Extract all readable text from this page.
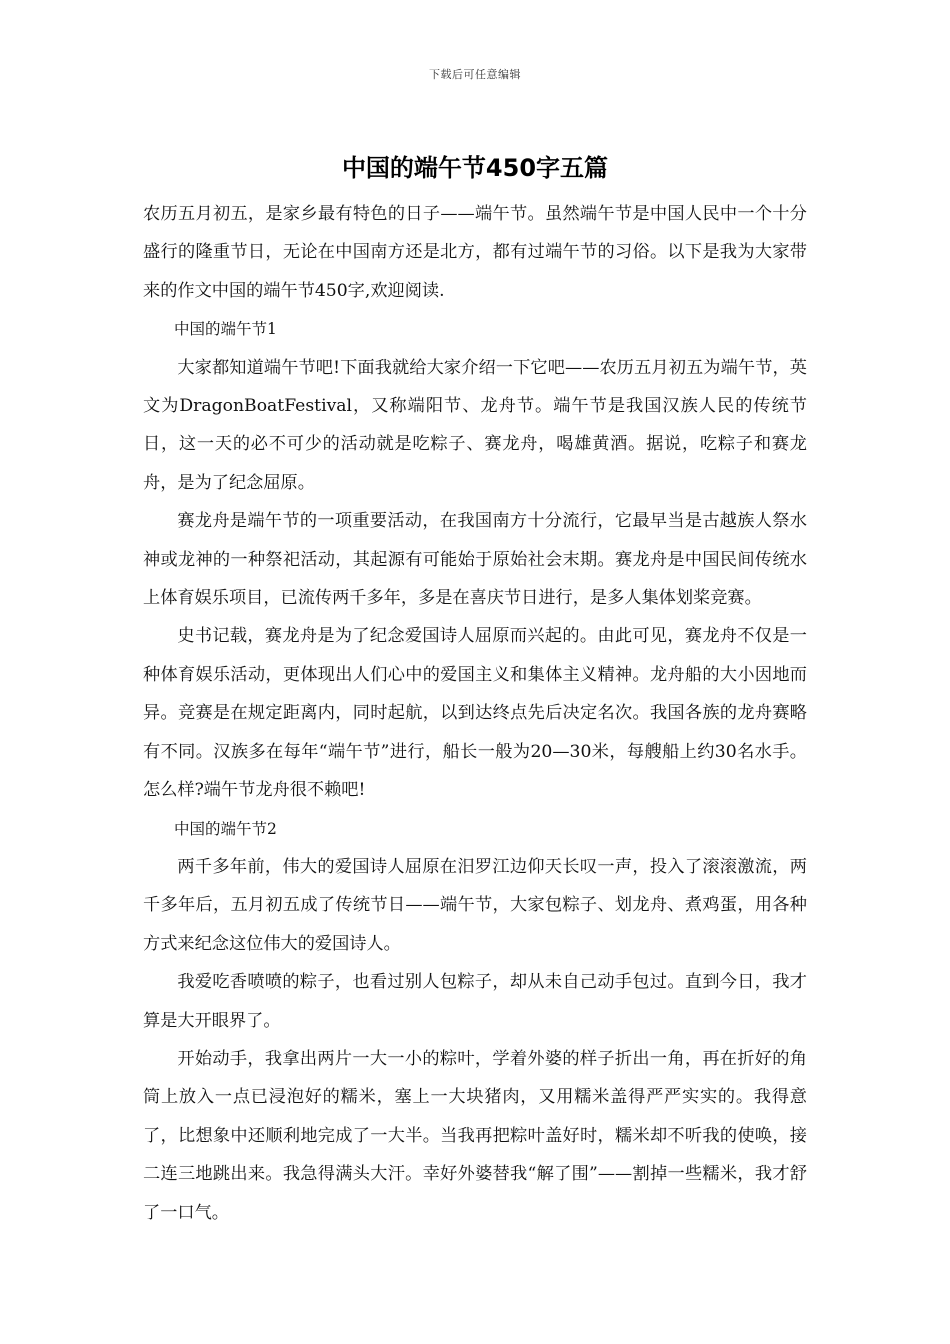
下载后可任意编辑
中国的端午节450字五篇

农历五月初五，是家乡最有特色的日子——端午节。虽然端午节是中国人民中一个十分盛行的隆重节日，无论在中国南方还是北方，都有过端午节的习俗。以下是我为大家带来的作文中国的端午节450字,欢迎阅读.

中国的端午节1

大家都知道端午节吧!下面我就给大家介绍一下它吧——农历五月初五为端午节，英文为DragonBoatFestival，又称端阳节、龙舟节。端午节是我国汉族人民的传统节日，这一天的必不可少的活动就是吃粽子、赛龙舟，喝雄黄酒。据说，吃粽子和赛龙舟，是为了纪念屈原。

赛龙舟是端午节的一项重要活动，在我国南方十分流行，它最早当是古越族人祭水神或龙神的一种祭祀活动，其起源有可能始于原始社会末期。赛龙舟是中国民间传统水上体育娱乐项目，已流传两千多年，多是在喜庆节日进行，是多人集体划桨竞赛。

史书记载，赛龙舟是为了纪念爱国诗人屈原而兴起的。由此可见，赛龙舟不仅是一种体育娱乐活动，更体现出人们心中的爱国主义和集体主义精神。龙舟船的大小因地而异。竞赛是在规定距离内，同时起航，以到达终点先后决定名次。我国各族的龙舟赛略有不同。汉族多在每年“端午节”进行，船长一般为20—30米，每艘船上约30名水手。怎么样?端午节龙舟很不赖吧!

中国的端午节2

两千多年前，伟大的爱国诗人屈原在汨罗江边仰天长叹一声，投入了滚滚激流，两千多年后，五月初五成了传统节日——端午节，大家包粽子、划龙舟、煮鸡蛋，用各种方式来纪念这位伟大的爱国诗人。

我爱吃香喷喷的粽子，也看过别人包粽子，却从未自己动手包过。直到今日，我才算是大开眼界了。

开始动手，我拿出两片一大一小的粽叶，学着外婆的样子折出一角，再在折好的角筒上放入一点已浸泡好的糯米，塞上一大块猪肉，又用糯米盖得严严实实的。我得意了，比想象中还顺利地完成了一大半。当我再把粽叶盖好时，糯米却不听我的使唤，接二连三地跳出来。我急得满头大汗。幸好外婆替我“解了围”——割掉一些糯米，我才舒了一口气。
